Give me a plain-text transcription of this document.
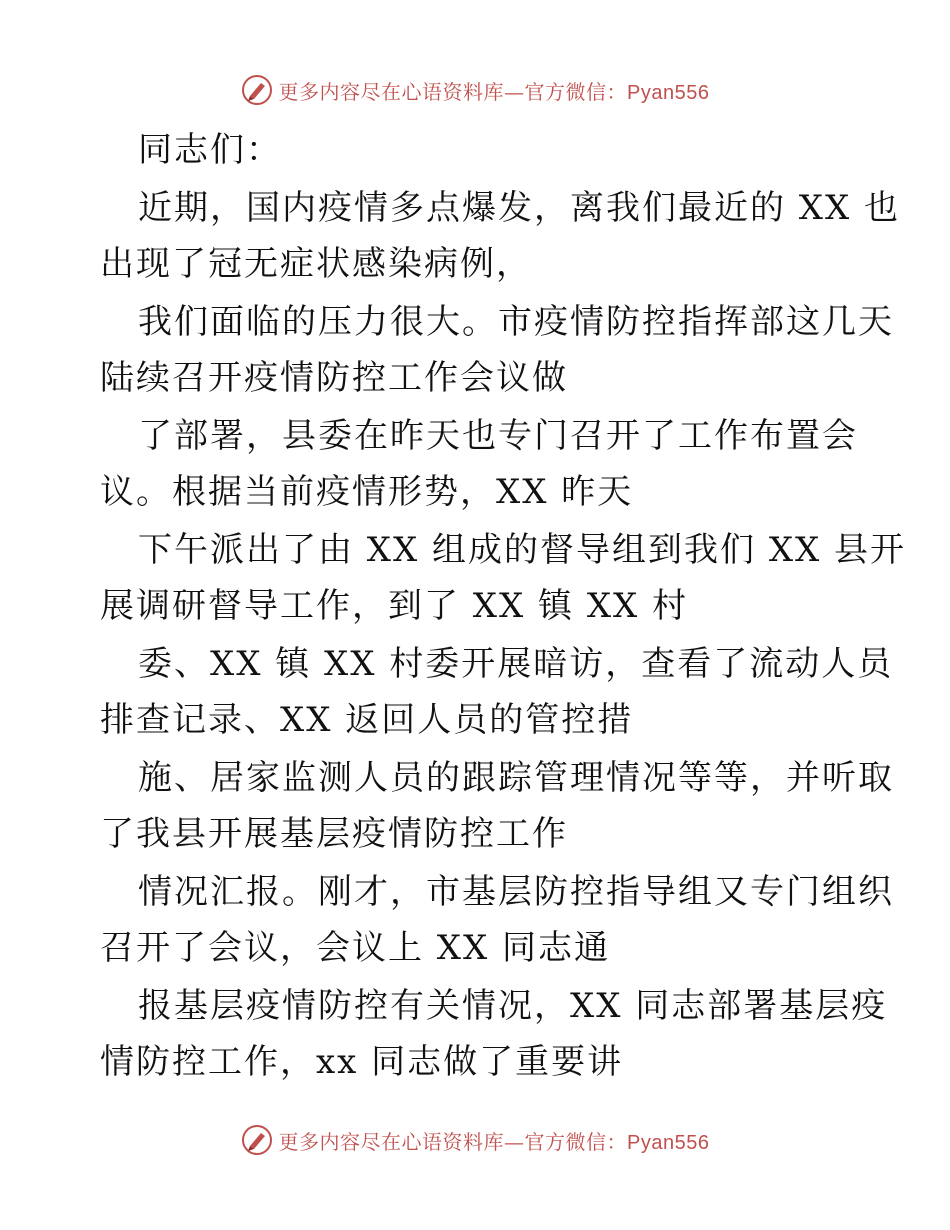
更多内容尽在心语资料库—官方微信：Pyan556
同志们：
近期，国内疫情多点爆发，离我们最近的 XX 也
出现了冠无症状感染病例，
我们面临的压力很大。市疫情防控指挥部这几天
陆续召开疫情防控工作会议做
了部署，县委在昨天也专门召开了工作布置会
议。根据当前疫情形势，XX 昨天
下午派出了由 XX 组成的督导组到我们 XX 县开
展调研督导工作，到了 XX 镇 XX 村
委、XX 镇 XX 村委开展暗访，查看了流动人员
排查记录、XX 返回人员的管控措
施、居家监测人员的跟踪管理情况等等，并听取
了我县开展基层疫情防控工作
情况汇报。刚才，市基层防控指导组又专门组织
召开了会议，会议上 XX 同志通
报基层疫情防控有关情况，XX 同志部署基层疫
情防控工作，xx 同志做了重要讲
更多内容尽在心语资料库—官方微信：Pyan556
